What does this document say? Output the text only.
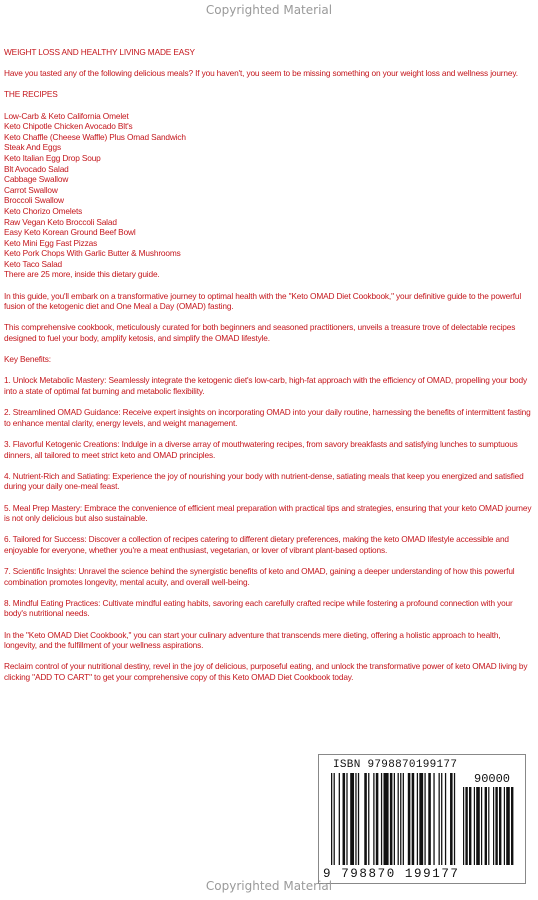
Copyrighted Material

WEIGHT LOSS AND HEALTHY LIVING MADE EASY

Have you tasted any of the following delicious meals? If you haven't, you seem to be missing something on your weight loss and wellness journey.

THE RECIPES

Low-Carb & Keto California Omelet
Keto Chipotle Chicken Avocado Blt's
Keto Chaffle (Cheese Waffle) Plus Omad Sandwich
Steak And Eggs
Keto Italian Egg Drop Soup
Blt Avocado Salad
Cabbage Swallow
Carrot Swallow
Broccoli Swallow
Keto Chorizo Omelets
Raw Vegan Keto Broccoli Salad
Easy Keto Korean Ground Beef Bowl
Keto Mini Egg Fast Pizzas
Keto Pork Chops With Garlic Butter & Mushrooms
Keto Taco Salad
There are 25 more, inside this dietary guide.

In this guide, you'll embark on a transformative journey to optimal health with the "Keto OMAD Diet Cookbook," your definitive guide to the powerful fusion of the ketogenic diet and One Meal a Day (OMAD) fasting.

This comprehensive cookbook, meticulously curated for both beginners and seasoned practitioners, unveils a treasure trove of delectable recipes designed to fuel your body, amplify ketosis, and simplify the OMAD lifestyle.

Key Benefits:

1. Unlock Metabolic Mastery: Seamlessly integrate the ketogenic diet's low-carb, high-fat approach with the efficiency of OMAD, propelling your body into a state of optimal fat burning and metabolic flexibility.

2. Streamlined OMAD Guidance: Receive expert insights on incorporating OMAD into your daily routine, harnessing the benefits of intermittent fasting to enhance mental clarity, energy levels, and weight management.

3. Flavorful Ketogenic Creations: Indulge in a diverse array of mouthwatering recipes, from savory breakfasts and satisfying lunches to sumptuous dinners, all tailored to meet strict keto and OMAD principles.

4. Nutrient-Rich and Satiating: Experience the joy of nourishing your body with nutrient-dense, satiating meals that keep you energized and satisfied during your daily one-meal feast.

5. Meal Prep Mastery: Embrace the convenience of efficient meal preparation with practical tips and strategies, ensuring that your keto OMAD journey is not only delicious but also sustainable.

6. Tailored for Success: Discover a collection of recipes catering to different dietary preferences, making the keto OMAD lifestyle accessible and enjoyable for everyone, whether you're a meat enthusiast, vegetarian, or lover of vibrant plant-based options.

7. Scientific Insights: Unravel the science behind the synergistic benefits of keto and OMAD, gaining a deeper understanding of how this powerful combination promotes longevity, mental acuity, and overall well-being.

8. Mindful Eating Practices: Cultivate mindful eating habits, savoring each carefully crafted recipe while fostering a profound connection with your body's nutritional needs.

In the "Keto OMAD Diet Cookbook," you can start your culinary adventure that transcends mere dieting, offering a holistic approach to health, longevity, and the fulfillment of your wellness aspirations.

Reclaim control of your nutritional destiny, revel in the joy of delicious, purposeful eating, and unlock the transformative power of keto OMAD living by clicking "ADD TO CART" to get your comprehensive copy of this Keto OMAD Diet Cookbook today.

ISBN 9798870199177
90000
9 798870 199177
Copyrighted Material
